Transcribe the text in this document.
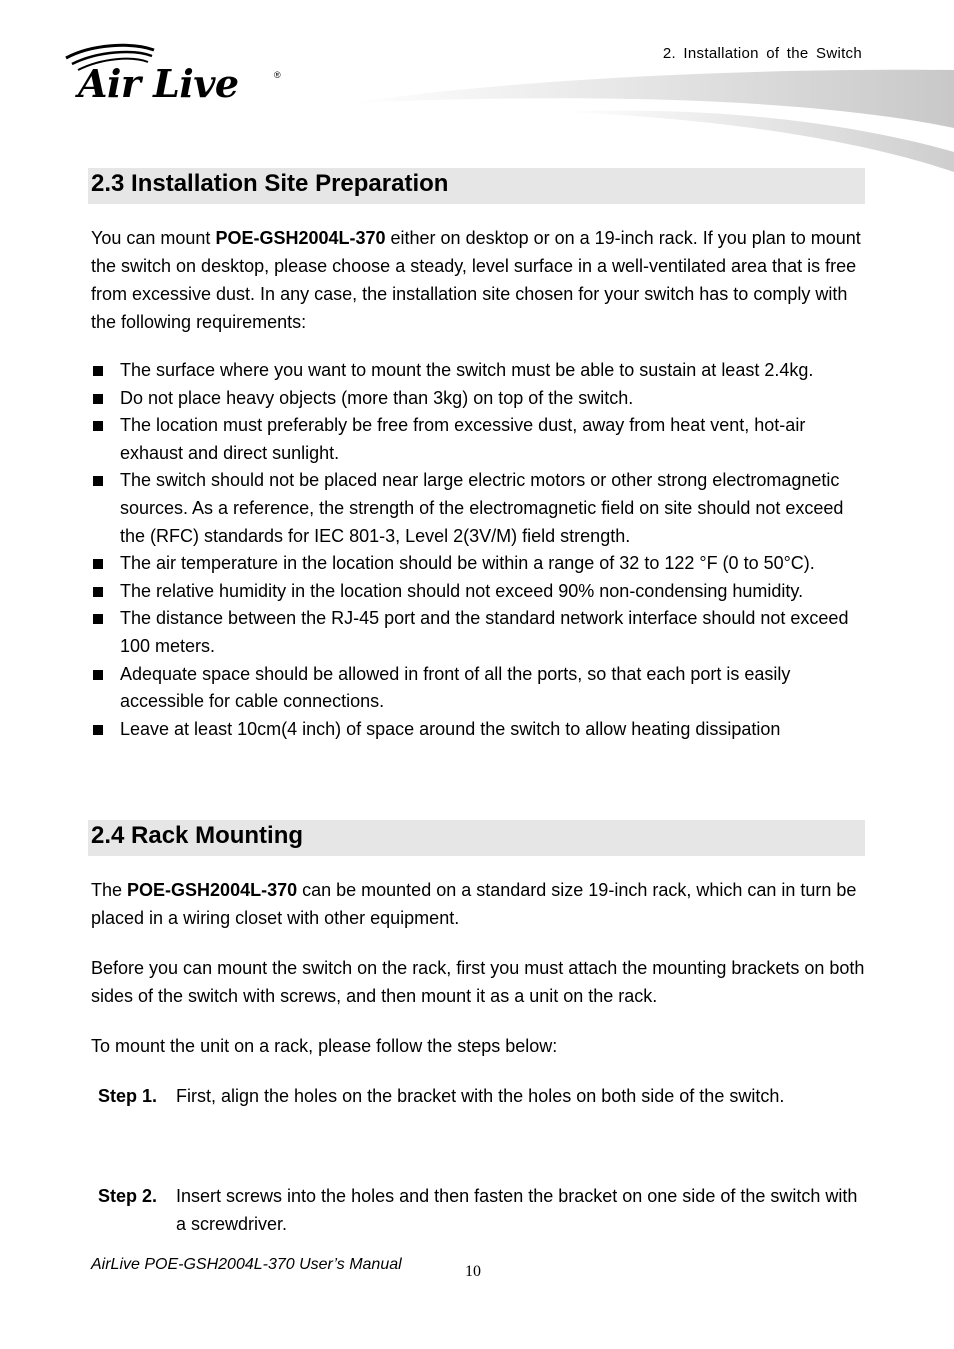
2. Installation of the Switch
Air Live	®
2.3 Installation Site Preparation

You can mount POE-GSH2004L-370 either on desktop or on a 19-inch rack. If you plan to mount the switch on desktop, please choose a steady, level surface in a well-ventilated area that is free from excessive dust. In any case, the installation site chosen for your switch has to comply with the following requirements:

The surface where you want to mount the switch must be able to sustain at least 2.4kg.
Do not place heavy objects (more than 3kg) on top of the switch.
The location must preferably be free from excessive dust, away from heat vent, hot-air exhaust and direct sunlight.
The switch should not be placed near large electric motors or other strong electromagnetic sources. As a reference, the strength of the electromagnetic field on site should not exceed the (RFC) standards for IEC 801-3, Level 2(3V/M) field strength.
The air temperature in the location should be within a range of 32 to 122 °F (0 to 50°C).
The relative humidity in the location should not exceed 90% non-condensing humidity.
The distance between the RJ-45 port and the standard network interface should not exceed 100 meters.
Adequate space should be allowed in front of all the ports, so that each port is easily accessible for cable connections.
Leave at least 10cm(4 inch) of space around the switch to allow heating dissipation
2.4 Rack Mounting

The POE-GSH2004L-370 can be mounted on a standard size 19-inch rack, which can in turn be placed in a wiring closet with other equipment.

Before you can mount the switch on the rack, first you must attach the mounting brackets on both sides of the switch with screws, and then mount it as a unit on the rack.

To mount the unit on a rack, please follow the steps below:

Step 1. First, align the holes on the bracket with the holes on both side of the switch.
Step 2. Insert screws into the holes and then fasten the bracket on one side of the switch with a screwdriver.
AirLive POE-GSH2004L-370 User’s Manual	10
